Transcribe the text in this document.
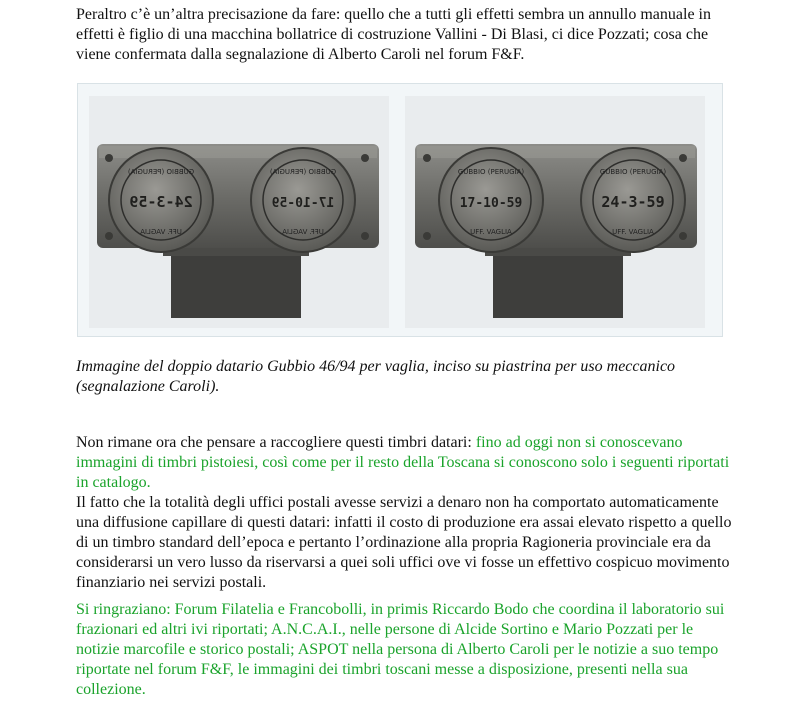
Peraltro c’è un’altra precisazione da fare: quello che a tutti gli effetti sembra un annullo manuale in effetti è figlio di una macchina bollatrice di costruzione Vallini - Di Blasi, ci dice Pozzati; cosa che viene confermata dalla segnalazione di Alberto Caroli nel forum F&F.

24-3-59	17-10-59
GUBBIO (PERUGIA)
UFF. VAGLIA
GUBBIO (PERUGIA)
UFF. VAGLIA
17-10-59	24-3-59
GUBBIO (PERUGIA)
UFF. VAGLIA
GUBBIO (PERUGIA)
UFF. VAGLIA

Immagine del doppio datario Gubbio 46/94 per vaglia, inciso su piastrina per uso meccanico (segnalazione Caroli).

Non rimane ora che pensare a raccogliere questi timbri datari: fino ad oggi non si conoscevano immagini di timbri pistoiesi, così come per il resto della Toscana si conoscono solo i seguenti riportati in catalogo.
Il fatto che la totalità degli uffici postali avesse servizi a denaro non ha comportato automaticamente una diffusione capillare di questi datari: infatti il costo di produzione era assai elevato rispetto a quello di un timbro standard dell’epoca e pertanto l’ordinazione alla propria Ragioneria provinciale era da considerarsi un vero lusso da riservarsi a quei soli uffici ove vi fosse un effettivo cospicuo movimento finanziario nei servizi postali.

Si ringraziano: Forum Filatelia e Francobolli, in primis Riccardo Bodo che coordina il laboratorio sui frazionari ed altri ivi riportati; A.N.C.A.I., nelle persone di Alcide Sortino e Mario Pozzati per le notizie marcofile e storico postali; ASPOT nella persona di Alberto Caroli per le notizie a suo tempo riportate nel forum F&F, le immagini dei timbri toscani messe a disposizione, presenti nella sua collezione.
